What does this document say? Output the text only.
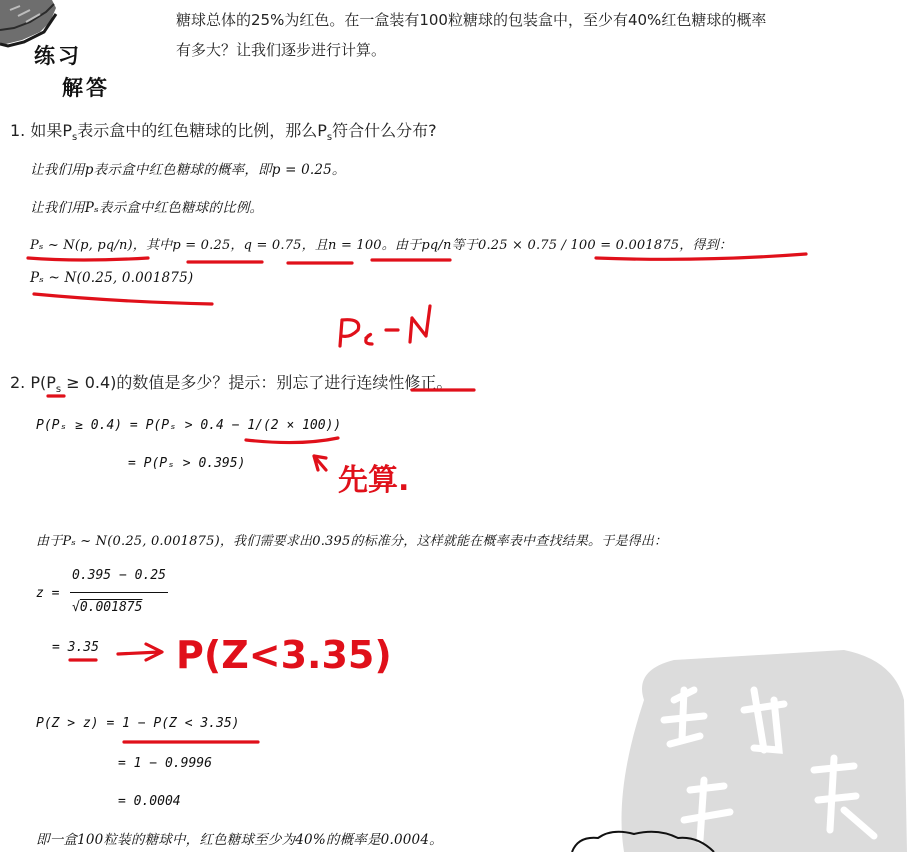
练习
解答
糖球总体的25%为红色。在一盒装有100粒糖球的包装盒中，至少有40%红色糖球的概率
有多大？让我们逐步进行计算。
1. 如果$P_s$表示盒中的红色糖球的比例，那么$P_s$符合什么分布?
让我们用p表示盒中红色糖球的概率，即p = 0.25。
让我们用Pₛ表示盒中红色糖球的比例。
Pₛ ~ N(p, pq/n)，其中p = 0.25，q = 0.75，且n = 100。由于pq/n等于0.25 × 0.75 / 100 = 0.001875，得到：
Pₛ ~ N(0.25, 0.001875)
2. $P(P_s \ge 0.4)$的数值是多少？提示：别忘了进行连续性修正。
P(Pₛ ≥ 0.4) = P(Pₛ > 0.4 − 1/(2 × 100))
= P(Pₛ > 0.395)
由于Pₛ ~ N(0.25, 0.001875)，我们需要求出0.395的标准分，这样就能在概率表中查找结果。于是得出：
z =
0.395 − 0.25
√0.001875
= 3.35
P(Z > z) = 1 − P(Z < 3.35)
= 1 − 0.9996
= 0.0004
即一盒100粒装的糖球中，红色糖球至少为40%的概率是0.0004。
先算.
P(Z<3.35)
